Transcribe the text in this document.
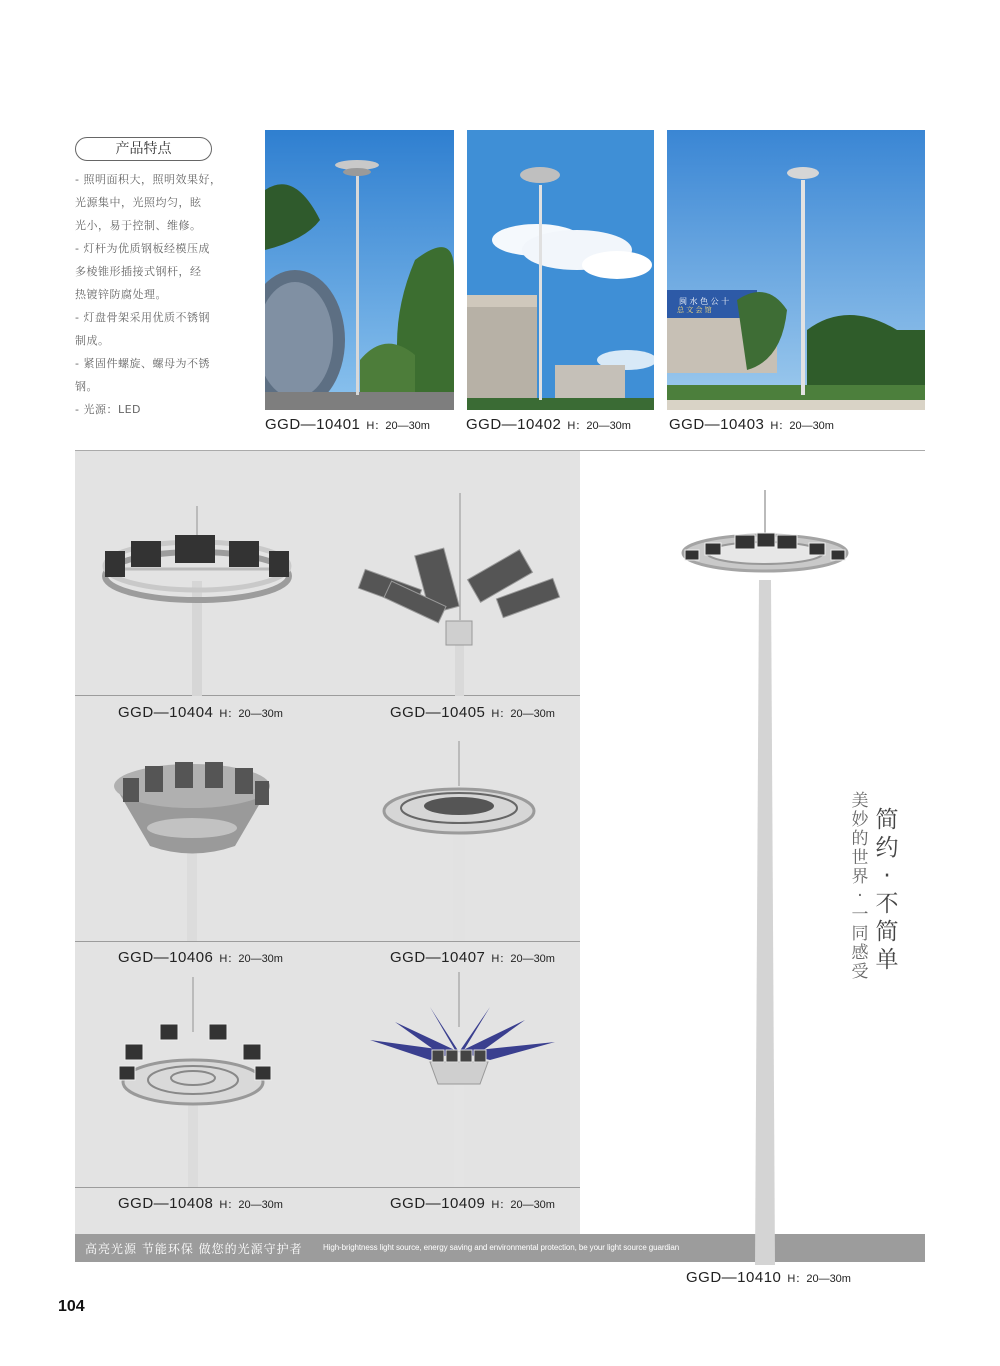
产品特点
- 照明面积大，照明效果好，
光源集中，光照均匀，眩
光小，易于控制、维修。
- 灯杆为优质钢板经模压成
多棱锥形插接式钢杆，经
热镀锌防腐处理。
- 灯盘骨架采用优质不锈钢
制成。
- 紧固件螺旋、螺母为不锈
钢。
- 光源：LED
GGD—10401 H：20—30m GGD—10402 H：20—30m
闽 水 色 公 十
总 文 会 馆
GGD—10403 H：20—30m
GGD—10404 H：20—30m	GGD—10405 H：20—30m
GGD—10406 H：20—30m	GGD—10407 H：20—30m
GGD—10408 H：20—30m	GGD—10409 H：20—30m
高亮光源 节能环保 做您的光源守护者	High-brightness light source, energy saving and environmental protection, be your light source guardian
GGD—10410 H：20—30m
简约·不简单
美妙的世界·一同感受
104
